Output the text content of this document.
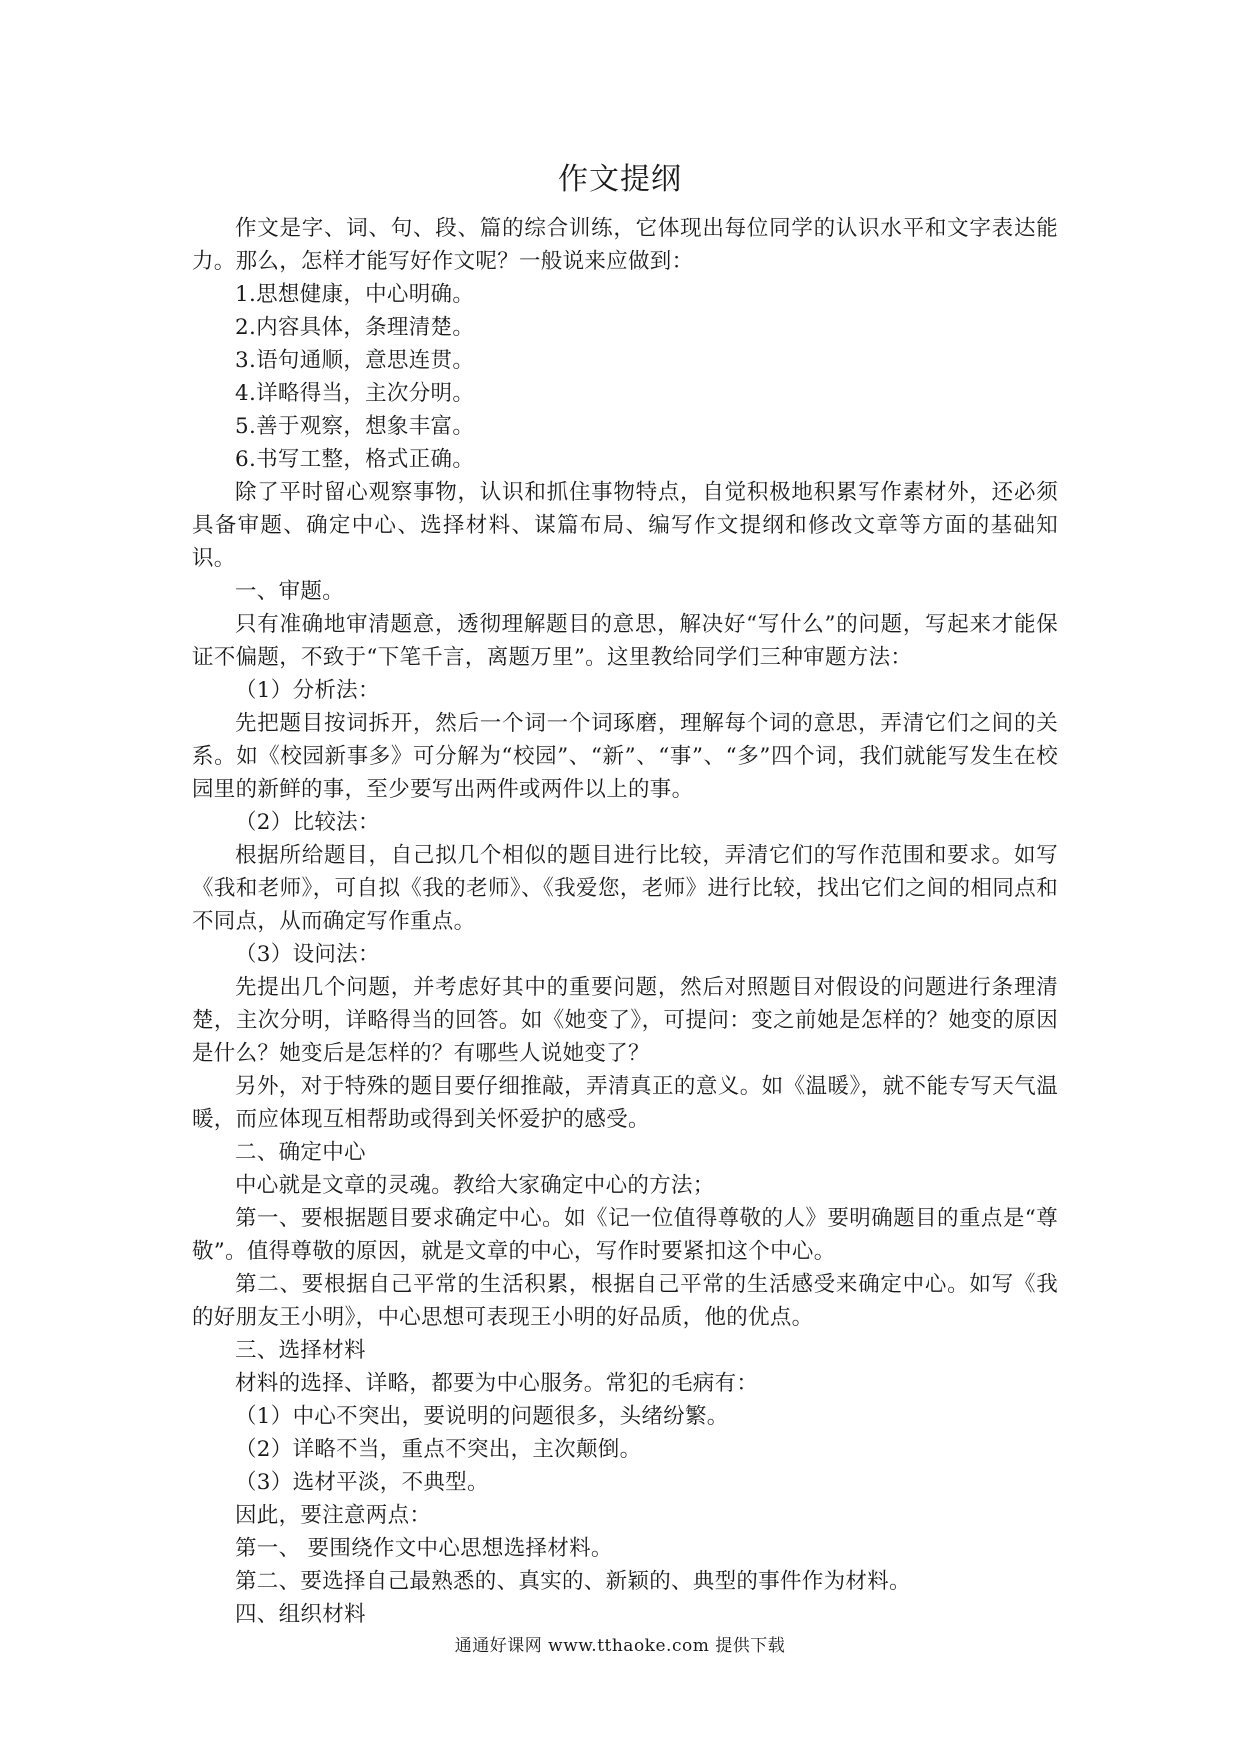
作文提纲

作文是字、词、句、段、篇的综合训练，它体现出每位同学的认识水平和文字表达能力。那么，怎样才能写好作文呢？一般说来应做到：

1.思想健康，中心明确。

2.内容具体，条理清楚。

3.语句通顺，意思连贯。

4.详略得当，主次分明。

5.善于观察，想象丰富。

6.书写工整，格式正确。

除了平时留心观察事物，认识和抓住事物特点，自觉积极地积累写作素材外，还必须具备审题、确定中心、选择材料、谋篇布局、编写作文提纲和修改文章等方面的基础知识。

一、审题。

只有准确地审清题意，透彻理解题目的意思，解决好“写什么”的问题，写起来才能保证不偏题，不致于“下笔千言，离题万里”。这里教给同学们三种审题方法：

（1）分析法：

先把题目按词拆开，然后一个词一个词琢磨，理解每个词的意思，弄清它们之间的关系。如《校园新事多》可分解为“校园”、“新”、“事”、“多”四个词，我们就能写发生在校园里的新鲜的事，至少要写出两件或两件以上的事。

（2）比较法：

根据所给题目，自己拟几个相似的题目进行比较，弄清它们的写作范围和要求。如写《我和老师》，可自拟《我的老师》、《我爱您，老师》进行比较，找出它们之间的相同点和不同点，从而确定写作重点。

（3）设问法：

先提出几个问题，并考虑好其中的重要问题，然后对照题目对假设的问题进行条理清楚，主次分明，详略得当的回答。如《她变了》，可提问：变之前她是怎样的？她变的原因是什么？她变后是怎样的？有哪些人说她变了？

另外，对于特殊的题目要仔细推敲，弄清真正的意义。如《温暖》，就不能专写天气温暖，而应体现互相帮助或得到关怀爱护的感受。

二、确定中心

中心就是文章的灵魂。教给大家确定中心的方法；

第一、要根据题目要求确定中心。如《记一位值得尊敬的人》要明确题目的重点是“尊敬”。值得尊敬的原因，就是文章的中心，写作时要紧扣这个中心。

第二、要根据自己平常的生活积累，根据自己平常的生活感受来确定中心。如写《我的好朋友王小明》，中心思想可表现王小明的好品质，他的优点。

三、选择材料

材料的选择、详略，都要为中心服务。常犯的毛病有：

（1）中心不突出，要说明的问题很多，头绪纷繁。

（2）详略不当，重点不突出，主次颠倒。

（3）选材平淡，不典型。

因此，要注意两点：

第一、 要围绕作文中心思想选择材料。

第二、要选择自己最熟悉的、真实的、新颖的、典型的事件作为材料。

四、组织材料

通通好课网 www.tthaoke.com 提供下载
